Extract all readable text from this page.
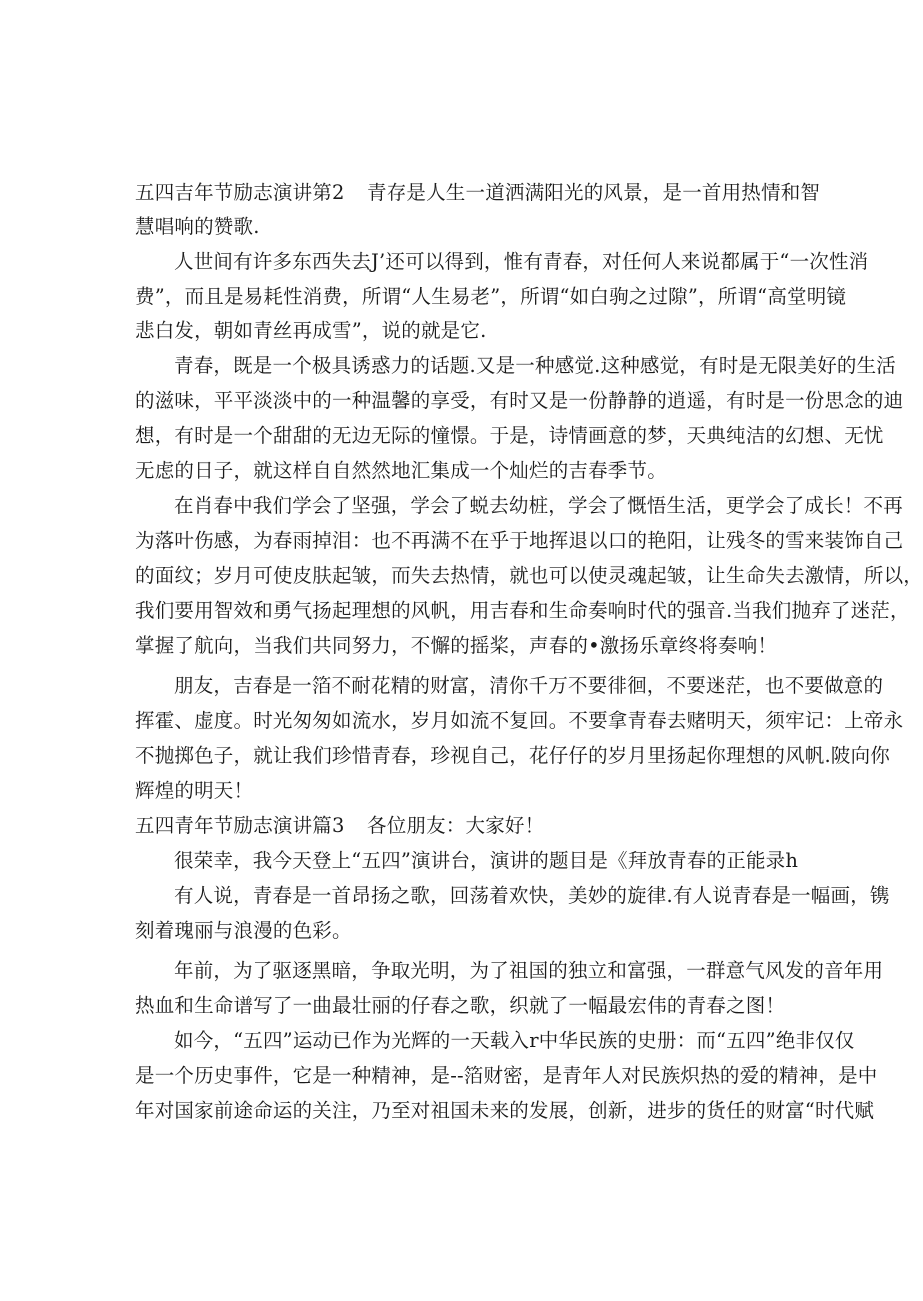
五四吉年节励志演讲第2 青存是人生一道洒满阳光的风景，是一首用热情和智
慧唱响的赞歌.
人世间有许多东西失去J’还可以得到，惟有青春，对任何人来说都属于“一次性消
费”，而且是易耗性消费，所谓“人生易老”，所谓“如白驹之过隙”，所谓“高堂明镜
悲白发，朝如青丝再成雪”，说的就是它.
青春，既是一个极具诱惑力的话题.又是一种感觉.这种感觉，有时是无限美好的生活
的滋味，平平淡淡中的一种温馨的享受，有时又是一份静静的逍遥，有时是一份思念的迪
想，有时是一个甜甜的无边无际的憧憬。于是，诗情画意的梦，天典纯洁的幻想、无忧
无虑的日子，就这样自自然然地汇集成一个灿烂的吉春季节。
在肖春中我们学会了坚强，学会了蜕去幼桩，学会了慨悟生活，更学会了成长！不再
为落叶伤感，为春雨掉泪：也不再满不在乎于地挥退以口的艳阳，让残冬的雪来装饰自己
的面纹；岁月可使皮肤起皱，而失去热情，就也可以使灵魂起皱，让生命失去激情，所以，
我们要用智效和勇气扬起理想的风帆，用吉春和生命奏响时代的强音.当我们抛弃了迷茫，
掌握了航向，当我们共同努力，不懈的摇桨，声春的•激扬乐章终将奏响！
朋友，吉春是一箔不耐花精的财富，清你千万不要徘徊，不要迷茫，也不要做意的
挥霍、虚度。时光匆匆如流水，岁月如流不复回。不要拿青春去赌明天，须牢记：上帝永
不抛掷色子，就让我们珍惜青春，珍视自己，花仔仔的岁月里扬起你理想的风帆.陂向你
辉煌的明天！
五四青年节励志演讲篇3 各位朋友：大家好！
很荣幸，我今天登上“五四”演讲台，演讲的题目是《拜放青春的正能录h
有人说，青春是一首昂扬之歌，回荡着欢快，美妙的旋律.有人说青春是一幅画，镌
刻着瑰丽与浪漫的色彩。
年前，为了驱逐黑暗，争取光明，为了祖国的独立和富强，一群意气风发的音年用
热血和生命谱写了一曲最壮丽的仔春之歌，织就了一幅最宏伟的青春之图！
如今，“五四”运动已作为光辉的一天载入r中华民族的史册：而“五四”绝非仅仅
是一个历史事件，它是一种精神，是--箔财密，是青年人对民族炽热的爱的精神，是中
年对国家前途命运的关注，乃至对祖国未来的发展，创新，进步的货任的财富“时代赋
